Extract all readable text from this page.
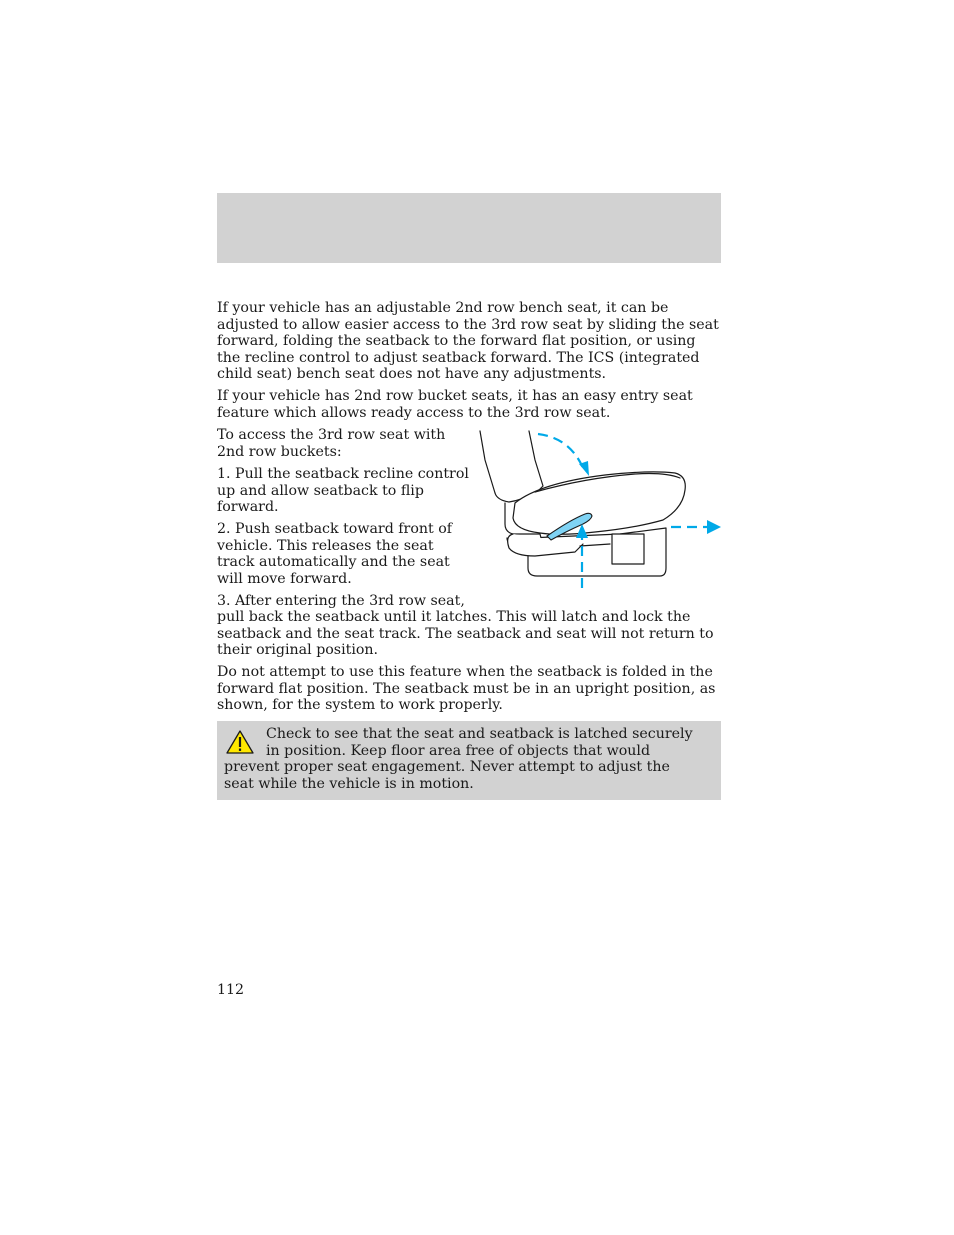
If your vehicle has an adjustable 2nd row bench seat, it can be adjusted to allow easier access to the 3rd row seat by sliding the seat forward, folding the seatback to the forward flat position, or using the recline control to adjust seatback forward. The ICS (integrated child seat) bench seat does not have any adjustments.

If your vehicle has 2nd row bucket seats, it has an easy entry seat feature which allows ready access to the 3rd row seat.

To access the 3rd row seat with 2nd row buckets:

1. Pull the seatback recline control up and allow seatback to flip forward.

2. Push seatback toward front of vehicle. This releases the seat track automatically and the seat will move forward.

3. After entering the 3rd row seat,

pull back the seatback until it latches. This will latch and lock the seatback and the seat track. The seatback and seat will not return to their original position.

Do not attempt to use this feature when the seatback is folded in the forward flat position. The seatback must be in an upright position, as shown, for the system to work properly.

Check to see that the seat and seatback is latched securely in position. Keep floor area free of objects that would prevent proper seat engagement. Never attempt to adjust the seat while the vehicle is in motion.

112
